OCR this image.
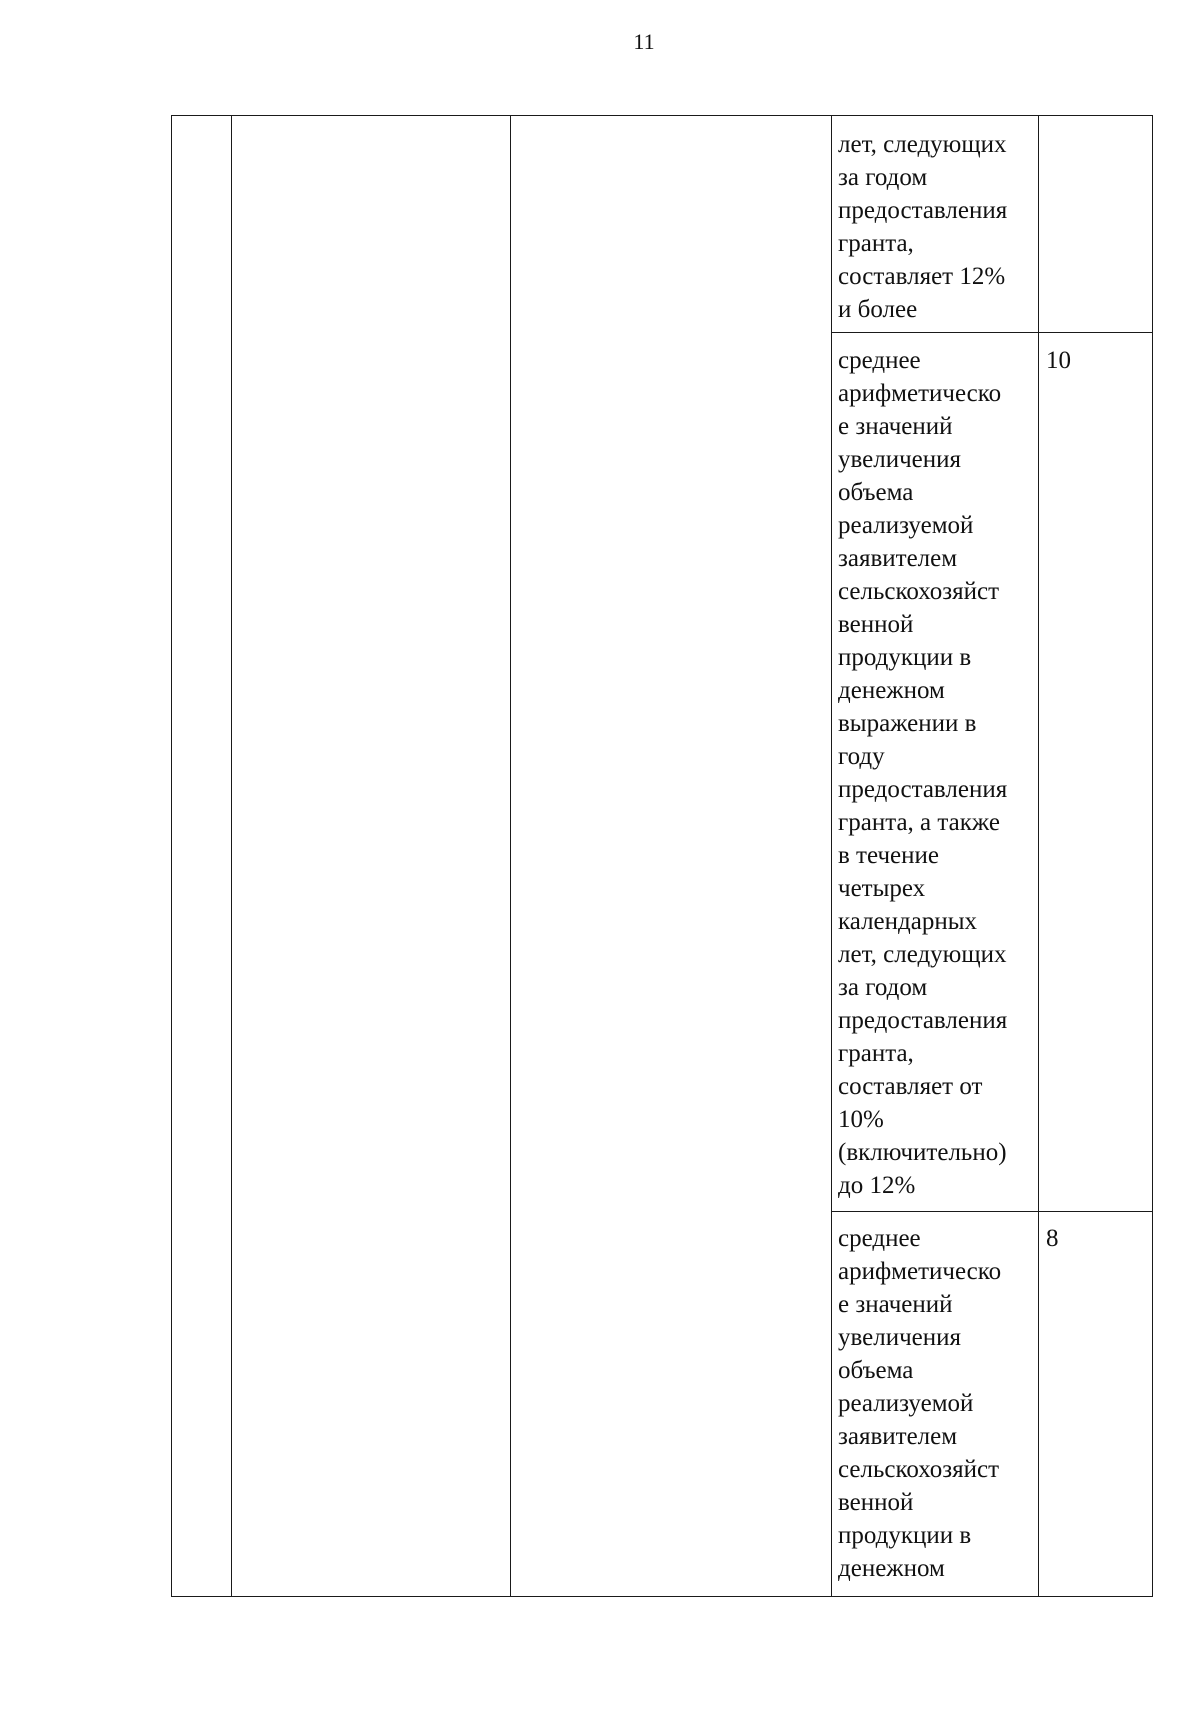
11

лет, следующих
за годом
предоставления
гранта,
составляет 12%
и более

среднее
арифметическо
е значений
увеличения
объема
реализуемой
заявителем
сельскохозяйст
венной
продукции в
денежном
выражении в
году
предоставления
гранта, а также
в течение
четырех
календарных
лет, следующих
за годом
предоставления
гранта,
составляет от
10%
(включительно)
до 12%

10

среднее
арифметическо
е значений
увеличения
объема
реализуемой
заявителем
сельскохозяйст
венной
продукции в
денежном

8
